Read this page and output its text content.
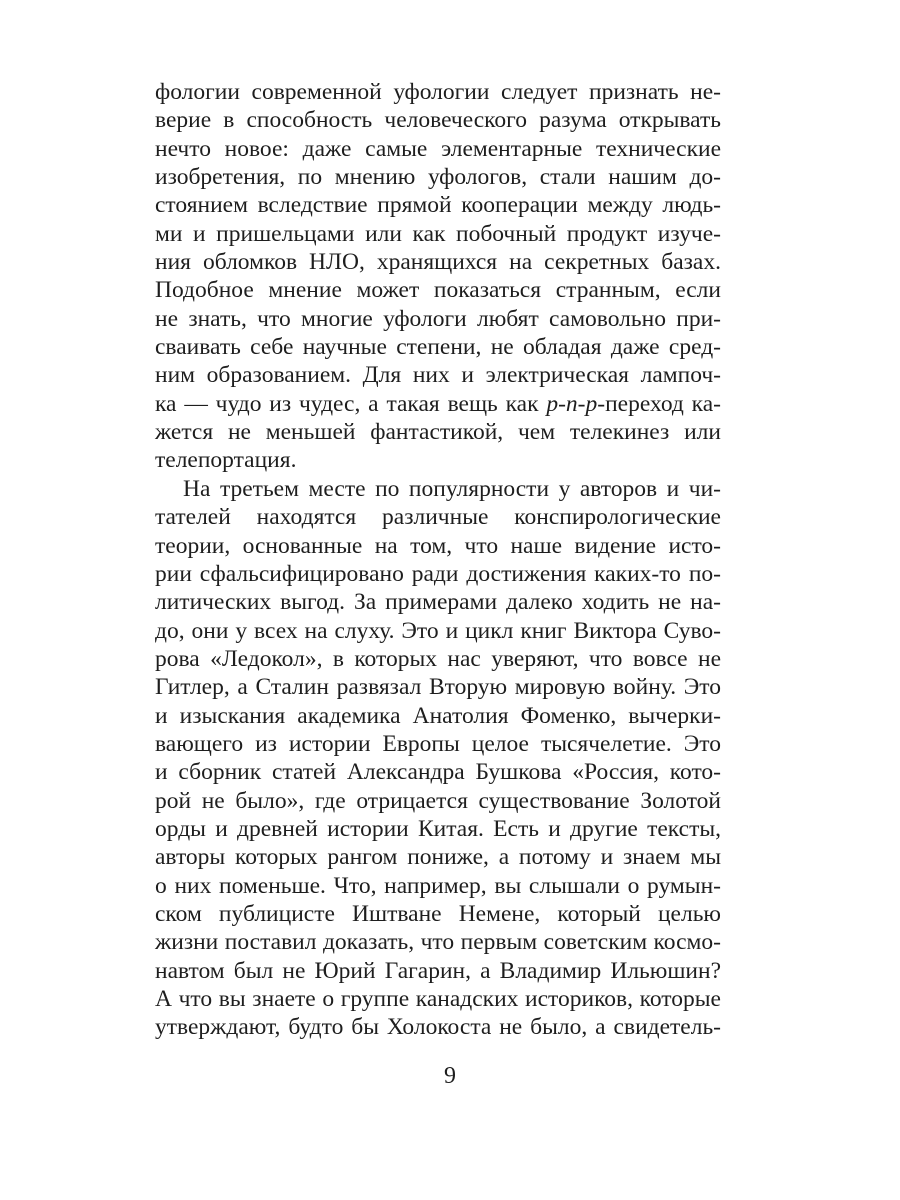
фологии современной уфологии следует признать не-
верие в способность человеческого разума открывать
нечто новое: даже самые элементарные технические
изобретения, по мнению уфологов, стали нашим до-
стоянием вследствие прямой кооперации между людь-
ми и пришельцами или как побочный продукт изуче-
ния обломков НЛО, хранящихся на секретных базах.
Подобное мнение может показаться странным, если
не знать, что многие уфологи любят самовольно при-
сваивать себе научные степени, не обладая даже сред-
ним образованием. Для них и электрическая лампоч-
ка — чудо из чудес, а такая вещь как p-n-p-переход ка-
жется не меньшей фантастикой, чем телекинез или
телепортация.
На третьем месте по популярности у авторов и чи-
тателей находятся различные конспирологические
теории, основанные на том, что наше видение исто-
рии сфальсифицировано ради достижения каких-то по-
литических выгод. За примерами далеко ходить не на-
до, они у всех на слуху. Это и цикл книг Виктора Суво-
рова «Ледокол», в которых нас уверяют, что вовсе не
Гитлер, а Сталин развязал Вторую мировую войну. Это
и изыскания академика Анатолия Фоменко, вычерки-
вающего из истории Европы целое тысячелетие. Это
и сборник статей Александра Бушкова «Россия, кото-
рой не было», где отрицается существование Золотой
орды и древней истории Китая. Есть и другие тексты,
авторы которых рангом пониже, а потому и знаем мы
о них поменьше. Что, например, вы слышали о румын-
ском публицисте Иштване Немене, который целью
жизни поставил доказать, что первым советским космо-
навтом был не Юрий Гагарин, а Владимир Ильюшин?
А что вы знаете о группе канадских историков, которые
утверждают, будто бы Холокоста не было, а свидетель-
9
